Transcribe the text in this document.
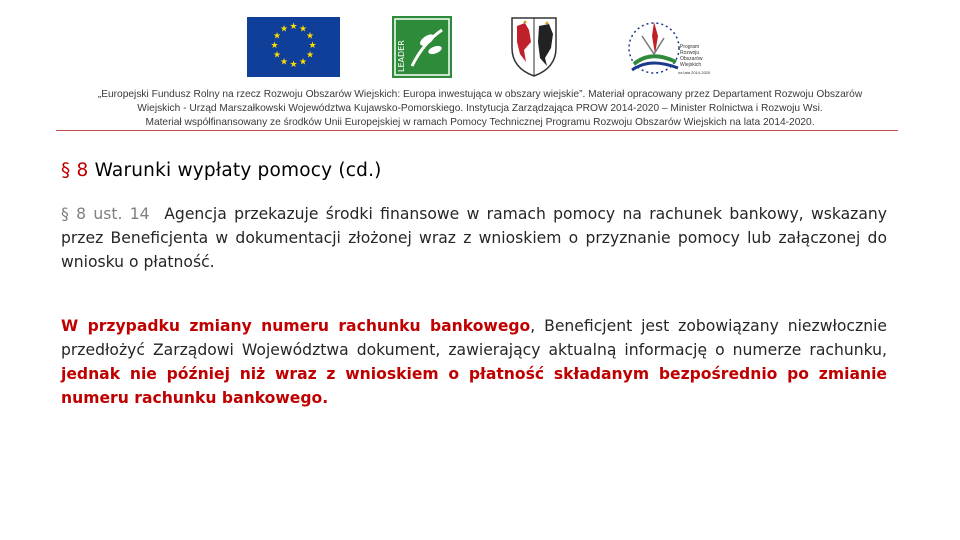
★ ★
★
★
★
★
★
★
★
★
★
★
LEADER	Program
Rozwoju
Obszarów
Wiejskich
na lata 2014-2020
„Europejski Fundusz Rolny na rzecz Rozwoju Obszarów Wiejskich: Europa inwestująca w obszary wiejskie”. Materiał opracowany przez Departament Rozwoju Obszarów
Wiejskich - Urząd Marszałkowski Województwa Kujawsko-Pomorskiego. Instytucja Zarządzająca PROW 2014-2020 – Minister Rolnictwa i Rozwoju Wsi.
Materiał współfinansowany ze środków Unii Europejskiej w ramach Pomocy Technicznej Programu Rozwoju Obszarów Wiejskich na lata 2014-2020.
§ 8 Warunki wypłaty pomocy (cd.)
§ 8 ust. 14 Agencja przekazuje środki finansowe w ramach pomocy na rachunek bankowy, wskazany przez Beneficjenta w dokumentacji złożonej wraz z wnioskiem o przyznanie pomocy lub załączonej do wniosku o płatność.
W przypadku zmiany numeru rachunku bankowego, Beneficjent jest zobowiązany niezwłocznie przedłożyć Zarządowi Województwa dokument, zawierający aktualną informację o numerze rachunku, jednak nie później niż wraz z wnioskiem o płatność składanym bezpośrednio po zmianie numeru rachunku bankowego.
